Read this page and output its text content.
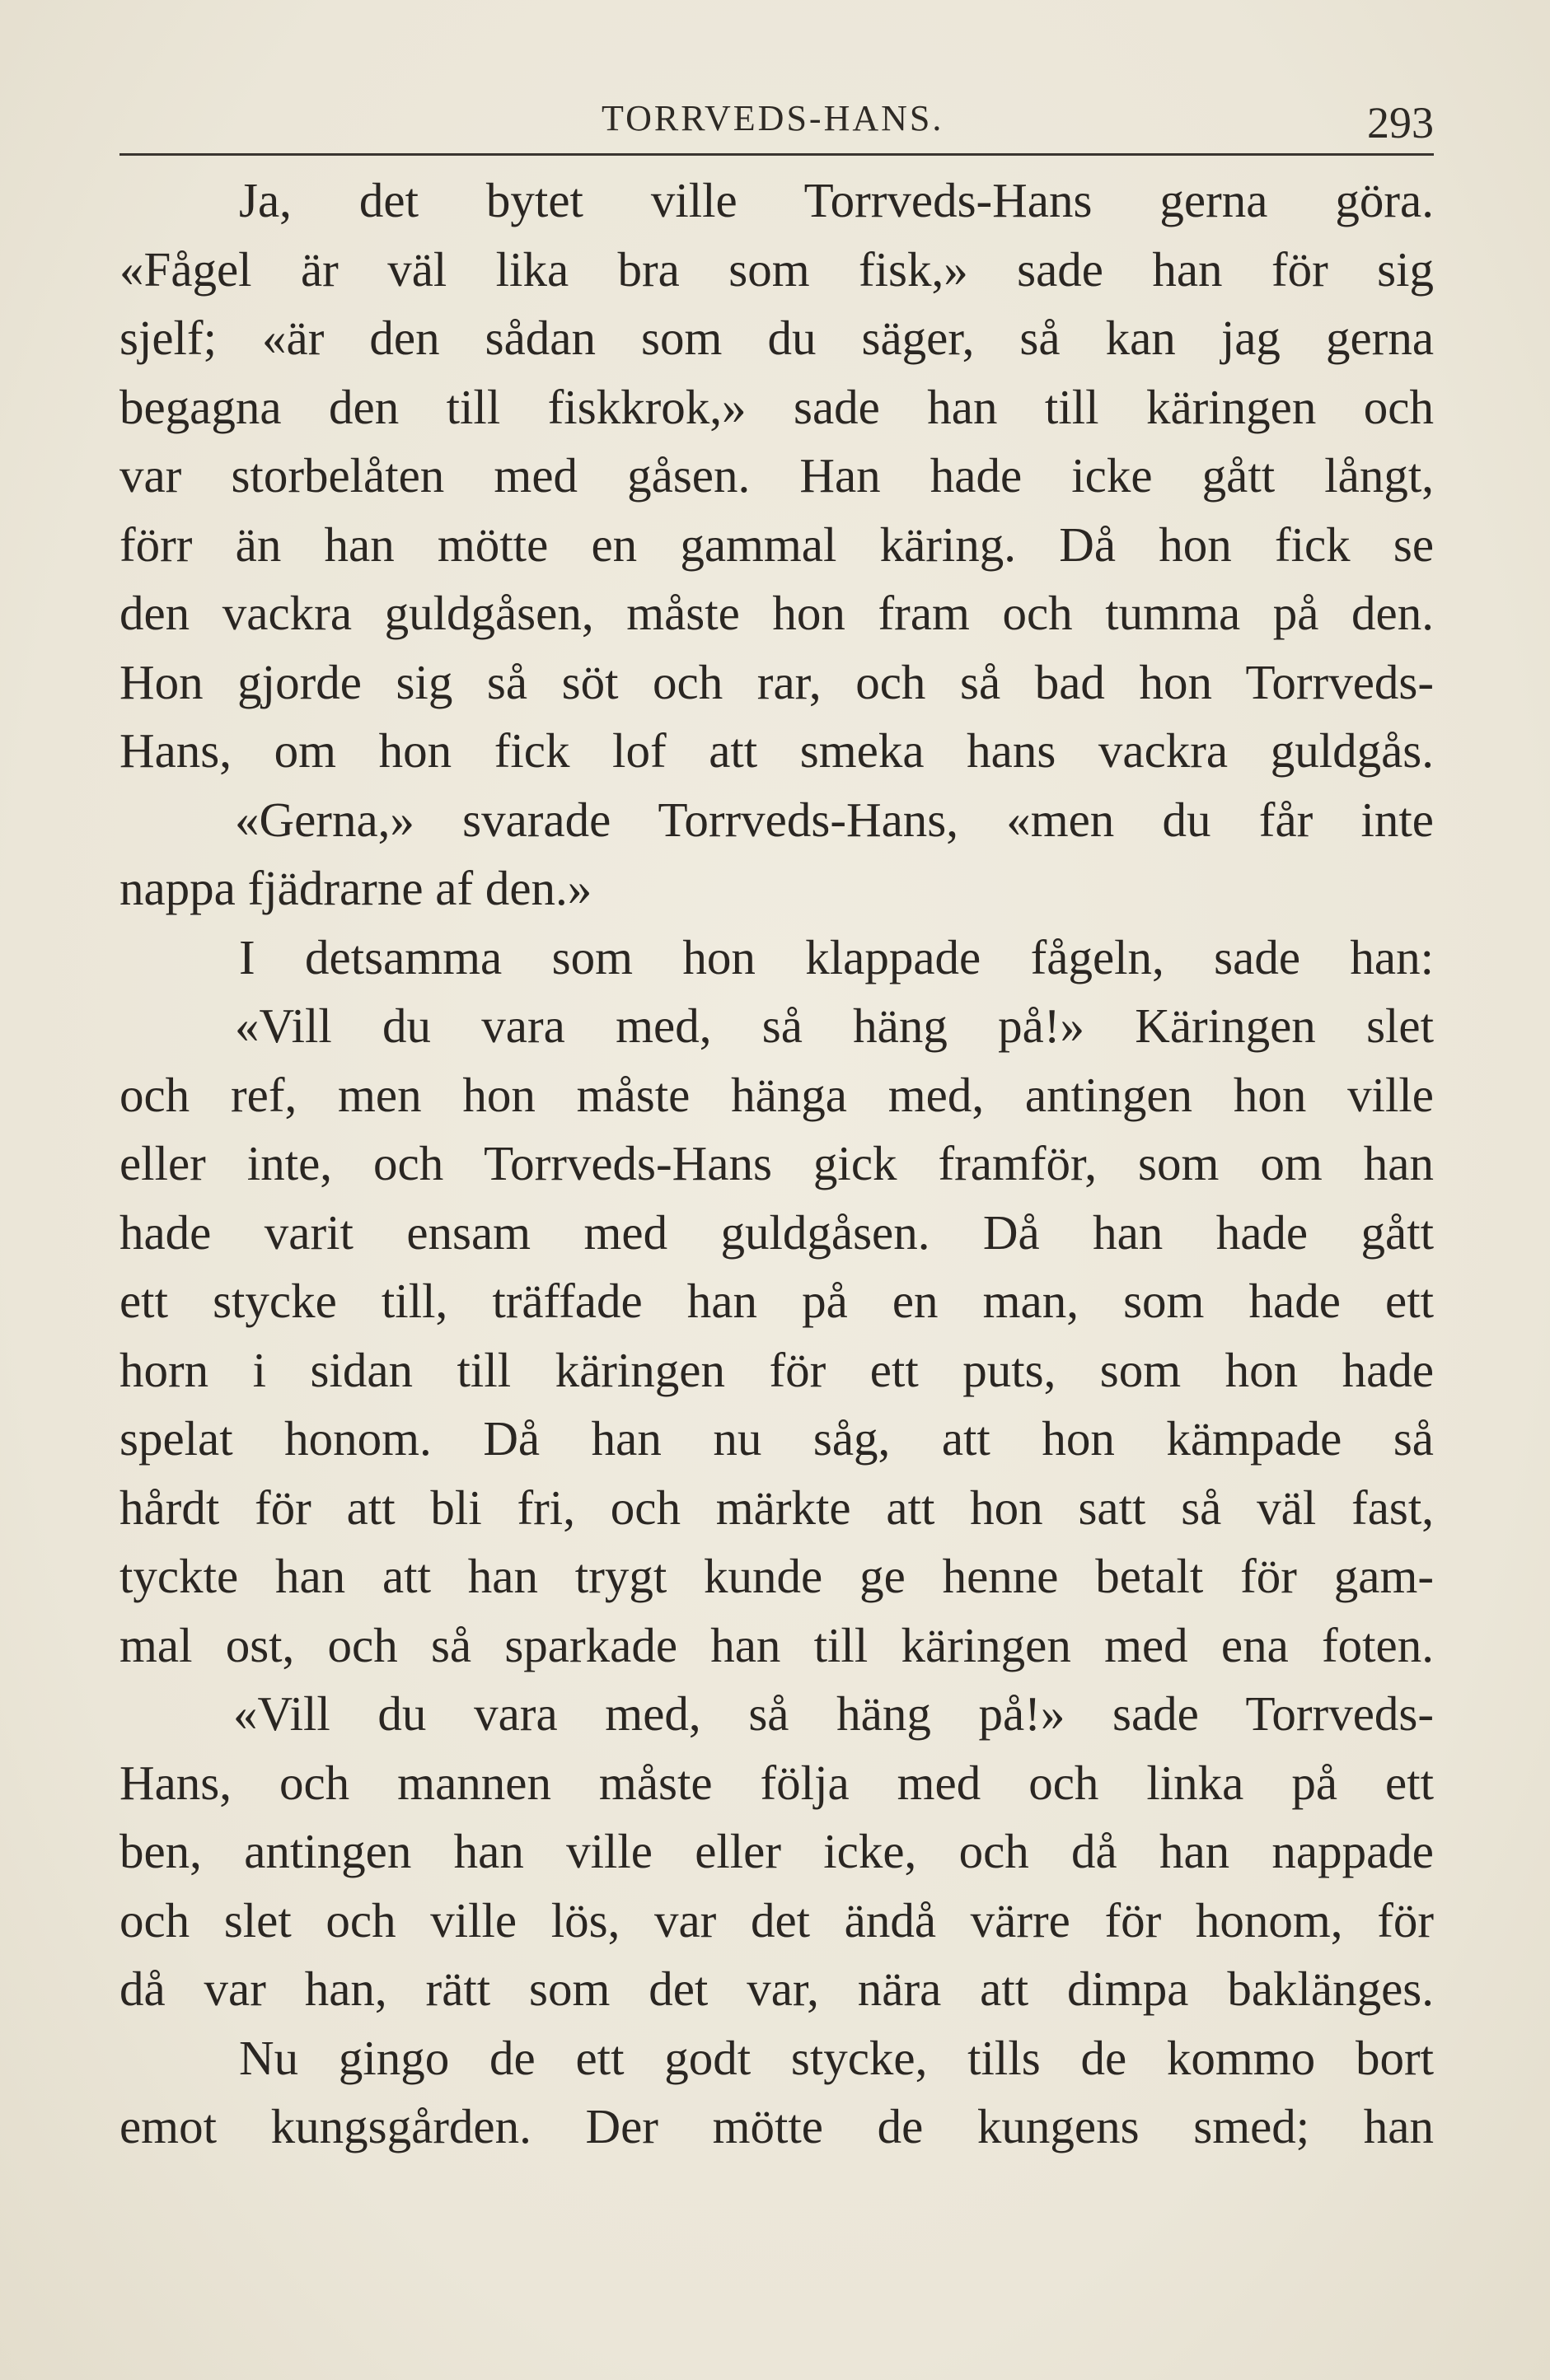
TORRVEDS-HANS.	293
Ja, det bytet ville Torrveds-Hans gerna göra.
«Fågel är väl lika bra som fisk,» sade han för sig
sjelf; «är den sådan som du säger, så kan jag gerna
begagna den till fiskkrok,» sade han till käringen och
var storbelåten med gåsen. Han hade icke gått långt,
förr än han mötte en gammal käring. Då hon fick se
den vackra guldgåsen, måste hon fram och tumma på den.
Hon gjorde sig så söt och rar, och så bad hon Torrveds-
Hans, om hon fick lof att smeka hans vackra guldgås.
«Gerna,» svarade Torrveds-Hans, «men du får inte
nappa fjädrarne af den.»
I detsamma som hon klappade fågeln, sade han:
«Vill du vara med, så häng på!» Käringen slet
och ref, men hon måste hänga med, antingen hon ville
eller inte, och Torrveds-Hans gick framför, som om han
hade varit ensam med guldgåsen. Då han hade gått
ett stycke till, träffade han på en man, som hade ett
horn i sidan till käringen för ett puts, som hon hade
spelat honom. Då han nu såg, att hon kämpade så
hårdt för att bli fri, och märkte att hon satt så väl fast,
tyckte han att han trygt kunde ge henne betalt för gam-
mal ost, och så sparkade han till käringen med ena foten.
«Vill du vara med, så häng på!» sade Torrveds-
Hans, och mannen måste följa med och linka på ett
ben, antingen han ville eller icke, och då han nappade
och slet och ville lös, var det ändå värre för honom, för
då var han, rätt som det var, nära att dimpa baklänges.
Nu gingo de ett godt stycke, tills de kommo bort
emot kungsgården. Der mötte de kungens smed; han
